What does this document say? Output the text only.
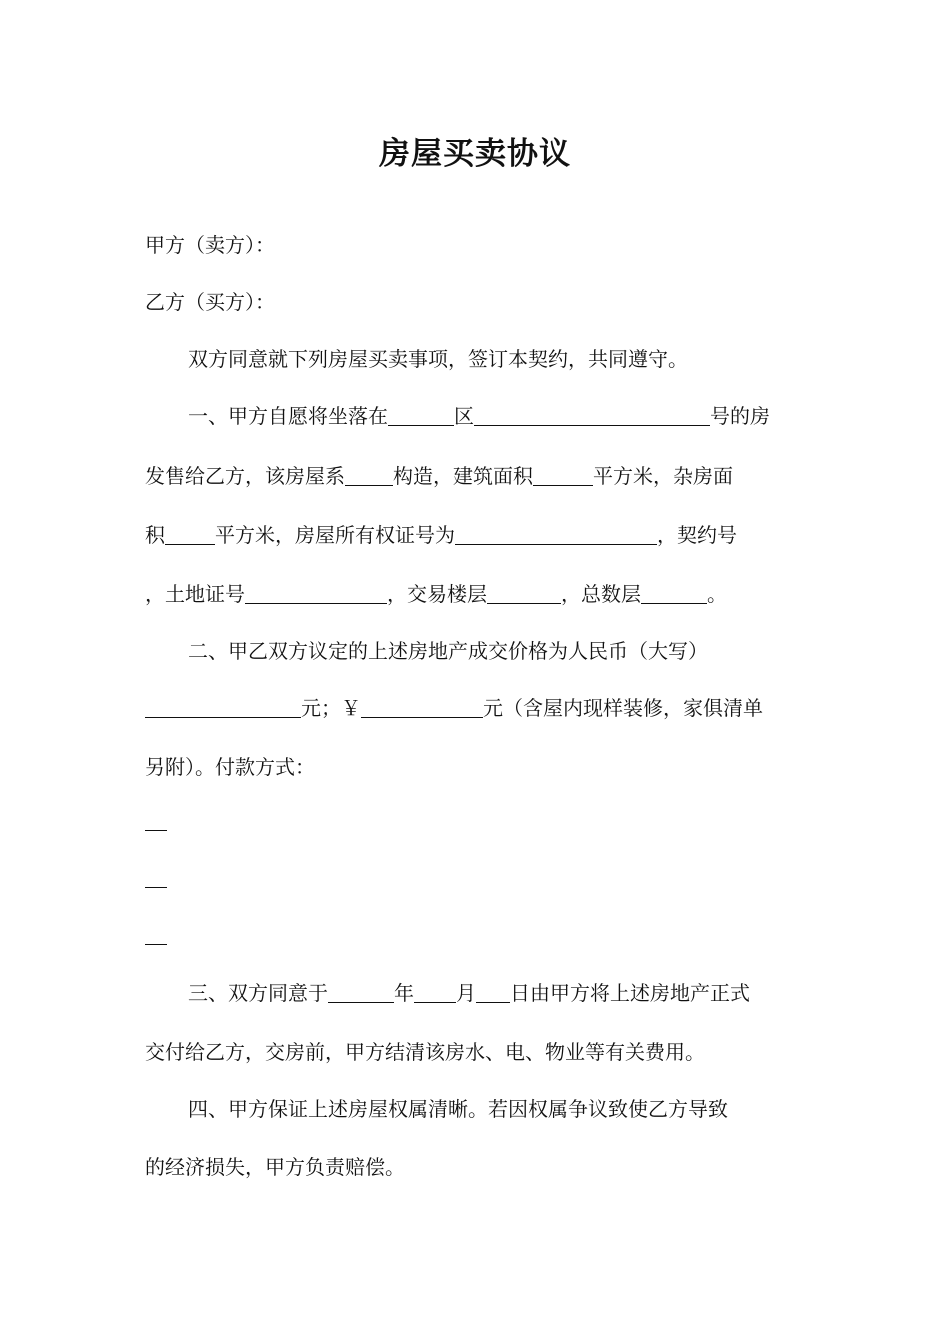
房屋买卖协议
甲方（卖方）：
乙方（买方）：
双方同意就下列房屋买卖事项，签订本契约，共同遵守。
一、甲方自愿将坐落在	区	号的房
发售给乙方，该房屋系 构造，建筑面积	平方米，杂房面
积	平方米，房屋所有权证号为	，契约号
，土地证号	，交易楼层	，总数层	。
二、甲乙双方议定的上述房地产成交价格为人民币（大写）
元；￥	元（含屋内现样装修，家俱清单
另附）。付款方式：
三、双方同意于	年 月 日由甲方将上述房地产正式
交付给乙方，交房前，甲方结清该房水、电、物业等有关费用。
四、甲方保证上述房屋权属清晰。若因权属争议致使乙方导致
的经济损失，甲方负责赔偿。
